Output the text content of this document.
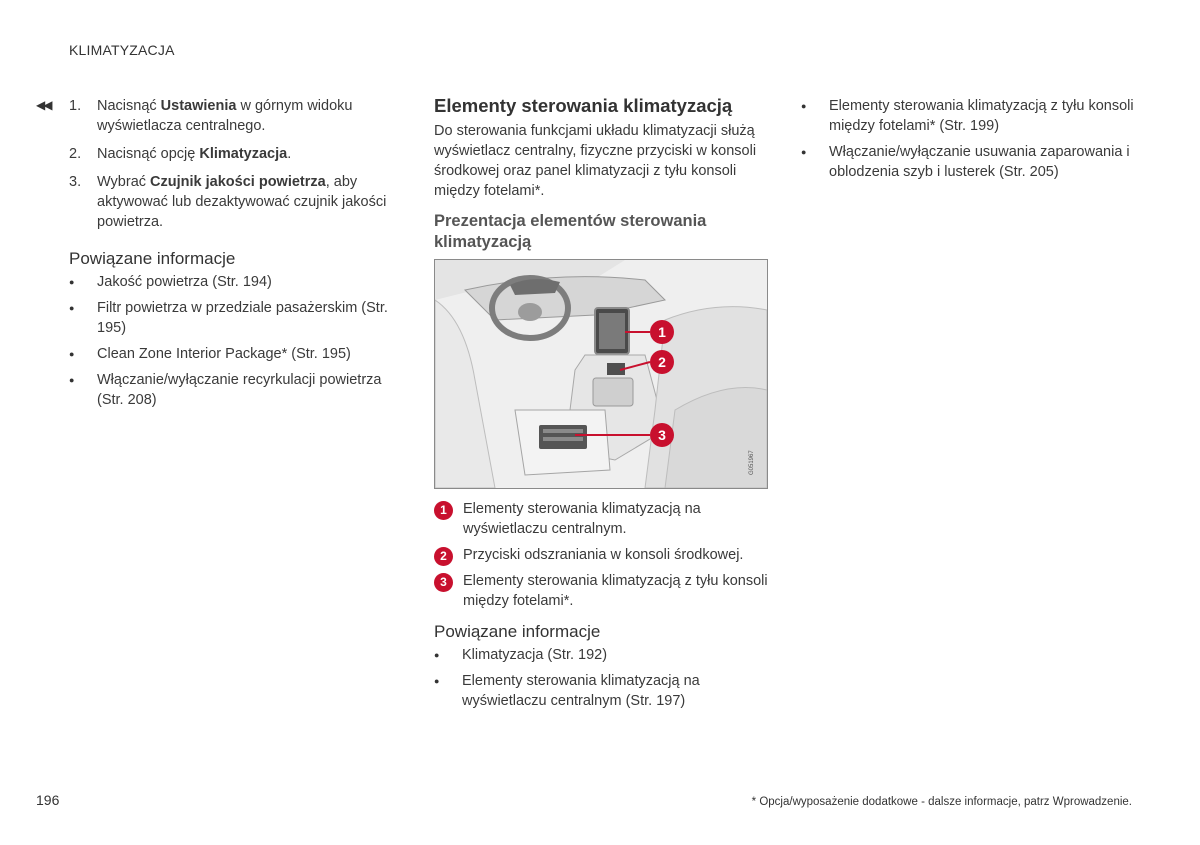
KLIMATYZACJA
◀◀ 1. Nacisnąć Ustawienia w górnym widoku wyświetlacza centralnego.
2. Nacisnąć opcję Klimatyzacja.
3. Wybrać Czujnik jakości powietrza, aby aktywować lub dezaktywować czujnik jakości powietrza.
Powiązane informacje
● Jakość powietrza (Str. 194)
● Filtr powietrza w przedziale pasażerskim (Str. 195)
● Clean Zone Interior Package* (Str. 195)
● Włączanie/wyłączanie recyrkulacji powietrza (Str. 208)
Elementy sterowania klimatyzacją
Do sterowania funkcjami układu klimatyzacji służą wyświetlacz centralny, fizyczne przyciski w konsoli środkowej oraz panel klimatyzacji z tyłu konsoli między fotelami*.
Prezentacja elementów sterowania klimatyzacją
1
2
3
G051967
1	Elementy sterowania klimatyzacją na wyświetlaczu centralnym.
2	Przyciski odszraniania w konsoli środkowej.
3	Elementy sterowania klimatyzacją z tyłu konsoli między fotelami*.
Powiązane informacje
● Klimatyzacja (Str. 192)
● Elementy sterowania klimatyzacją na wyświetlaczu centralnym (Str. 197)
● Elementy sterowania klimatyzacją z tyłu konsoli między fotelami* (Str. 199)
● Włączanie/wyłączanie usuwania zaparowania i oblodzenia szyb i lusterek (Str. 205)
196	* Opcja/wyposażenie dodatkowe - dalsze informacje, patrz Wprowadzenie.
